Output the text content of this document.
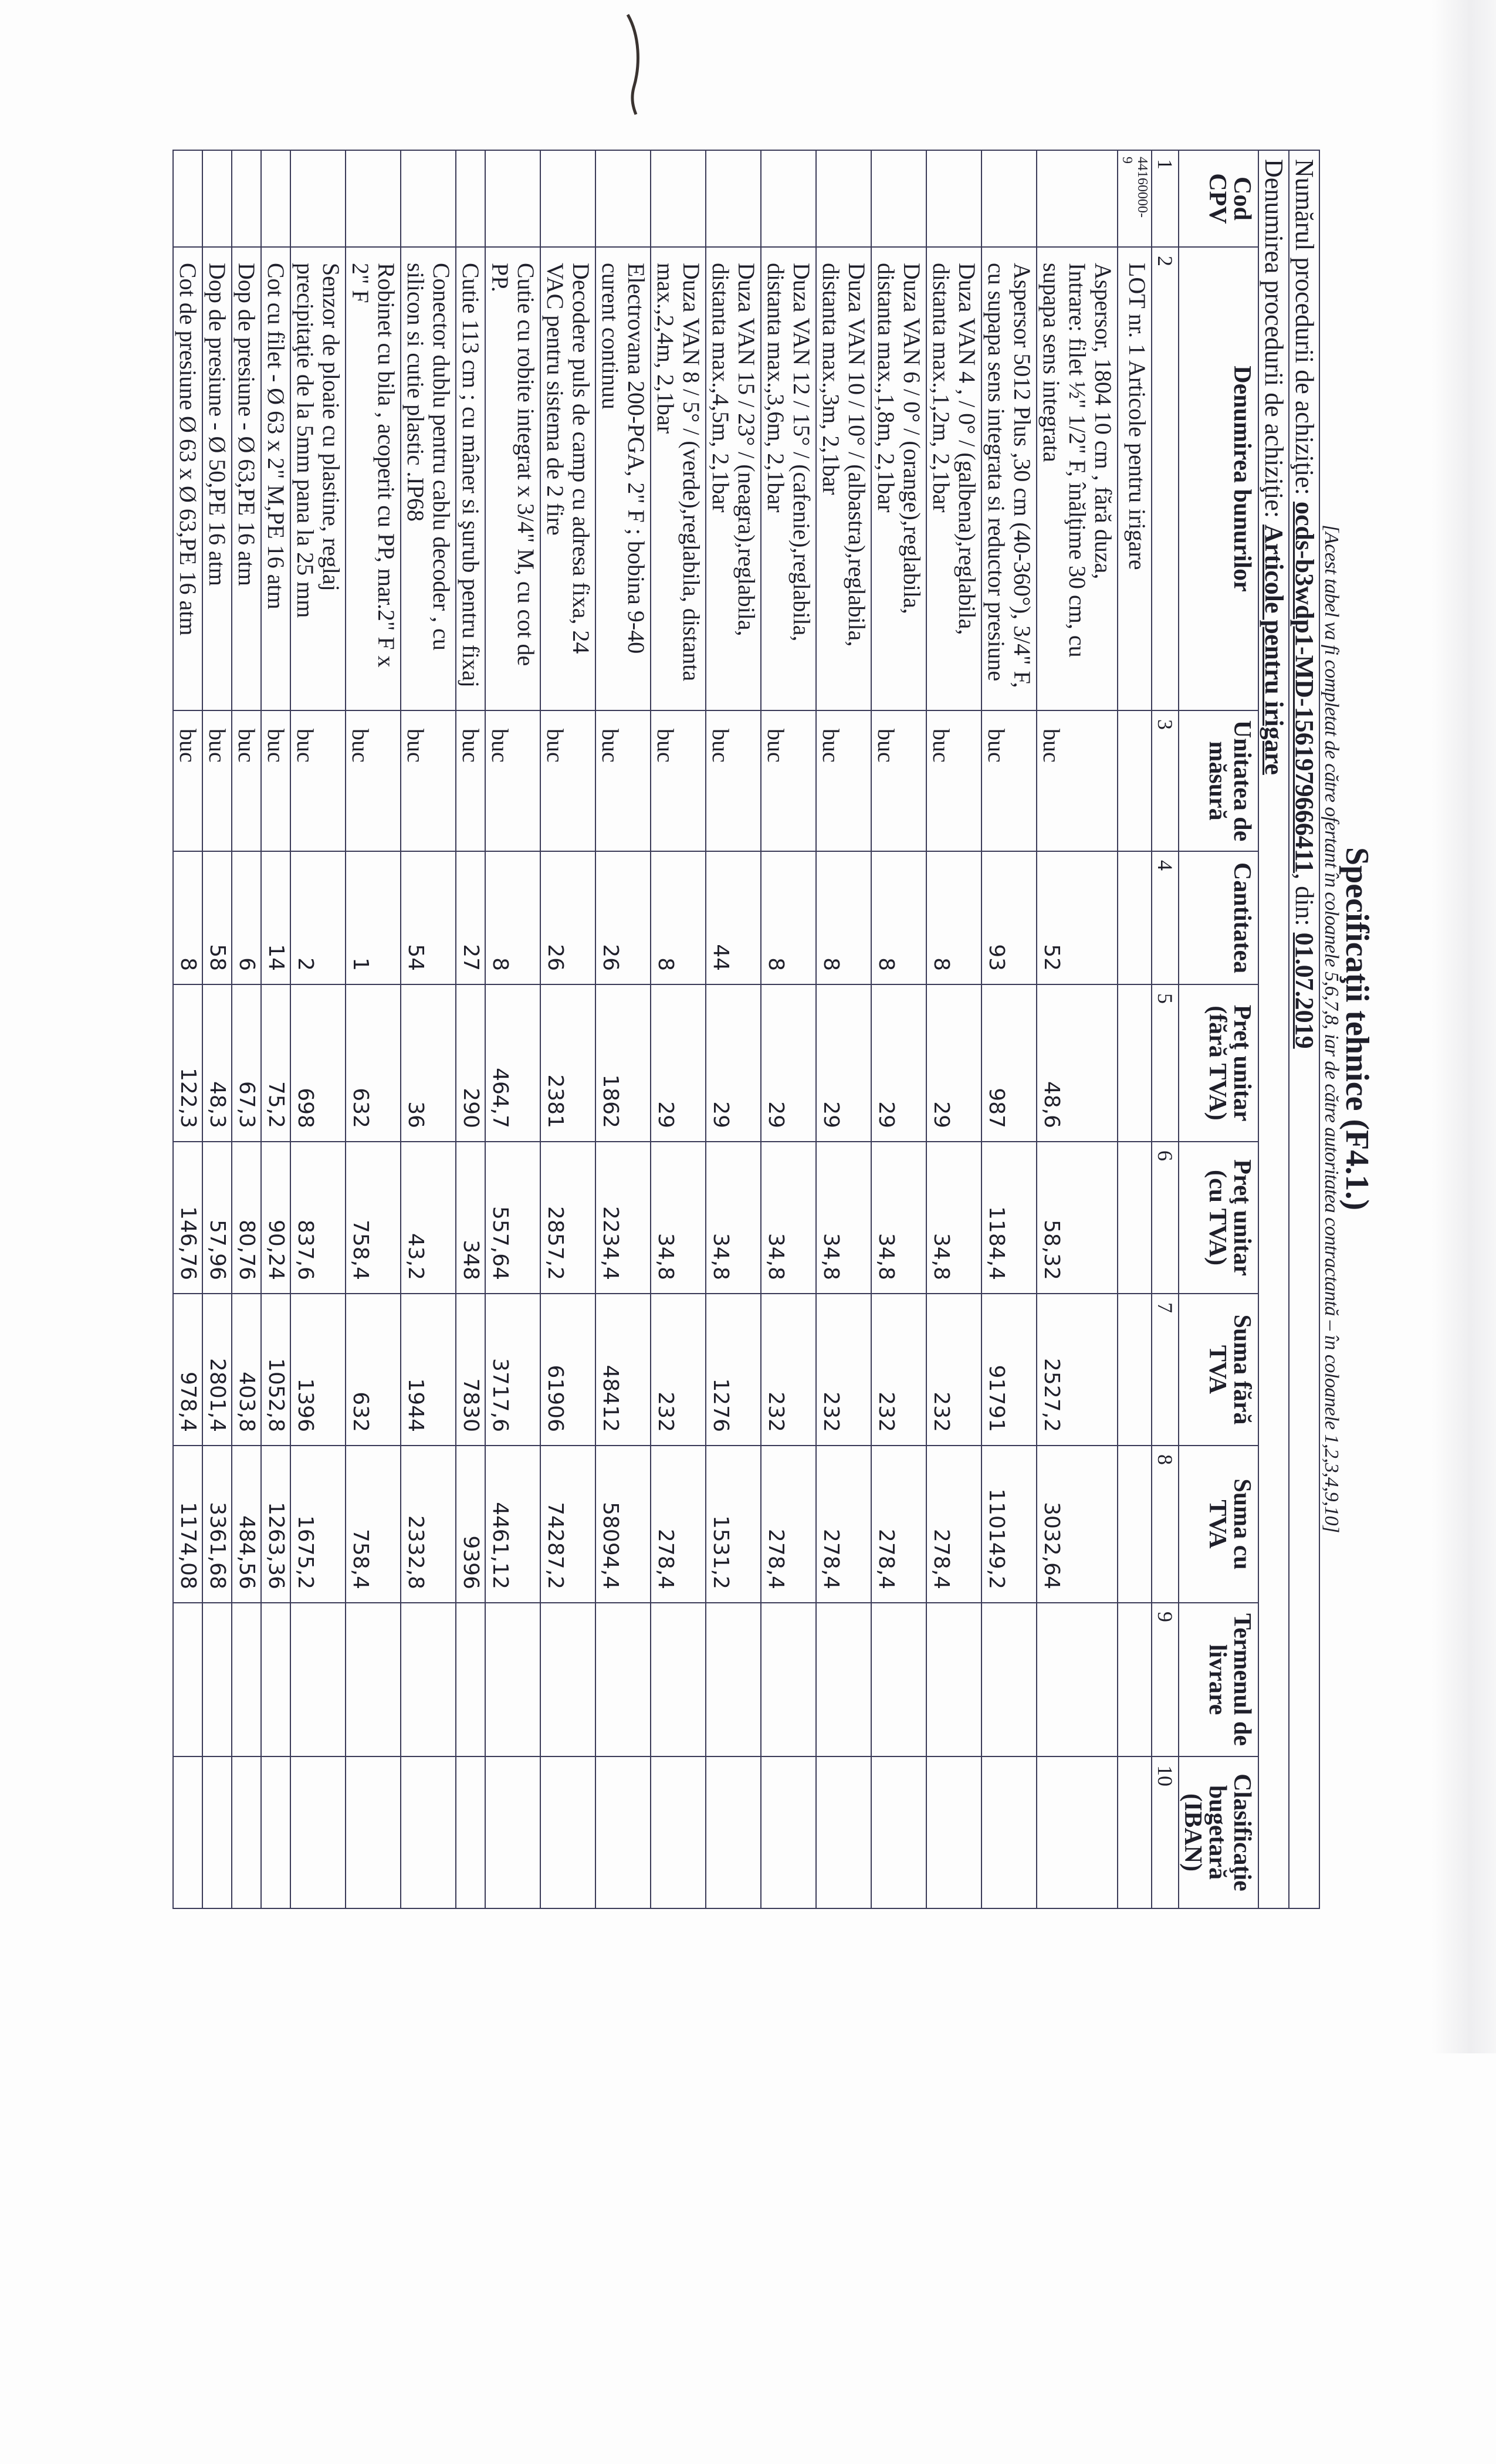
Specificaţii tehnice (F4.1.)
[Acest tabel va fi completat de către ofertant în coloanele 5,6,7,8, iar de către autoritatea contractantă – în coloanele 1,2,3,4,9,10]
Numărul procedurii de achiziţie: ocds-b3wdp1-MD-1561979666411, din: 01.07.2019									
Denumirea procedurii de achiziţie: Articole pentru irigare									
Cod CPV	Denumirea bunurilor	Unitatea de măsură	Cantitatea	Preţ unitar (fără TVA)	Preţ unitar (cu TVA)	Suma fără TVA	Suma cu TVA	Termenul de livrare	Clasificaţie bugetară (IBAN)
1	2	3	4	5	6	7	8	9	10
44160000-
9	LOT nr. 1 Articole pentru irigare								
	Aspersor, 1804 10 cm , fără duza,
Intrare: filet ½" 1/2" F, înălţime 30 cm, cu
supapa sens integrata	buc	52	48,6	58,32	2527,2	3032,64		
	Aspersor 5012 Plus ,30 cm (40-360°), 3/4" F,
cu supapa sens integrata si reductor presiune	buc	93	987	1184,4	91791	110149,2		
	Duza VAN 4 , / 0° / (galbena),reglabila,
distanta max.,1,2m, 2,1bar	buc	8	29	34,8	232	278,4		
	Duza VAN 6 / 0° / (orange),reglabila,
distanta max.,1,8m, 2,1bar	buc	8	29	34,8	232	278,4		
	Duza VAN 10 / 10° / (albastra),reglabila,
distanta max.,3m, 2,1bar	buc	8	29	34,8	232	278,4		
	Duza VAN 12 / 15° / (cafenie),reglabila,
distanta max.,3,6m, 2,1bar	buc	8	29	34,8	232	278,4		
	Duza VAN 15 / 23° / (neagra),reglabila,
distanta max.,4,5m, 2,1bar	buc	44	29	34,8	1276	1531,2		
	Duza VAN 8 / 5° / (verde),reglabila, distanta
max.,2,4m, 2,1bar	buc	8	29	34,8	232	278,4		
	Electrovana 200-PGA, 2" F ; bobina 9-40
curent continuu	buc	26	1862	2234,4	48412	58094,4		
	Decodere puls de camp cu adresa fixa, 24
VAC pentru sistema de 2 fire	buc	26	2381	2857,2	61906	74287,2		
	Cutie cu robite integrat x 3/4" M, cu cot de
PP.	buc	8	464,7	557,64	3717,6	4461,12		
	Cutie 113 cm ; cu mâner si şurub pentru fixaj	buc	27	290	348	7830	9396		
	Conector dublu pentru cablu decoder , cu
silicon si cutie plastic .IP68	buc	54	36	43,2	1944	2332,8		
	Robinet cu bila , acoperit cu PP, mar.2" F x
2" F	buc	1	632	758,4	632	758,4		
	Senzor de ploaie cu plastine, reglaj
precipitaţie de la 5mm pana la 25 mm	buc	2	698	837,6	1396	1675,2		
	Cot cu filet - Ø 63 x 2" M,PE 16 atm	buc	14	75,2	90,24	1052,8	1263,36		
	Dop de presiune - Ø 63,PE 16 atm	buc	6	67,3	80,76	403,8	484,56		
	Dop de presiune - Ø 50,PE 16 atm	buc	58	48,3	57,96	2801,4	3361,68		
	Cot de presiune Ø 63 x Ø 63,PE 16 atm	buc	8	122,3	146,76	978,4	1174,08		
